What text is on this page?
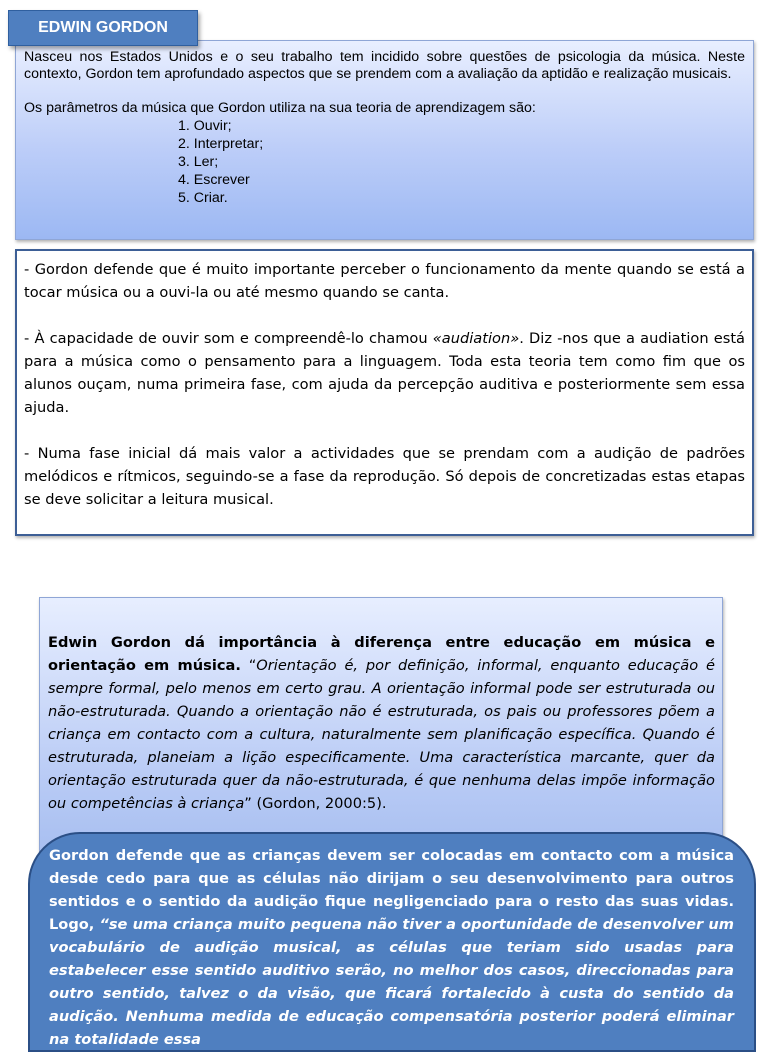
EDWIN GORDON

Nasceu nos Estados Unidos e o seu trabalho tem incidido sobre questões de psicologia da música. Neste contexto, Gordon tem aprofundado aspectos que se prendem com a avaliação da aptidão e realização musicais.

Os parâmetros da música que Gordon utiliza na sua teoria de aprendizagem são:

1. Ouvir;
2. Interpretar;
3. Ler;
4. Escrever
5. Criar.

- Gordon defende que é muito importante perceber o funcionamento da mente quando se está a tocar música ou a ouvi-la ou até mesmo quando se canta.

- À capacidade de ouvir som e compreendê-lo chamou «audiation». Diz -nos que a audiation está para a música como o pensamento para a linguagem. Toda esta teoria tem como fim que os alunos ouçam, numa primeira fase, com ajuda da percepção auditiva e posteriormente sem essa ajuda.

- Numa fase inicial dá mais valor a actividades que se prendam com a audição de padrões melódicos e rítmicos, seguindo-se a fase da reprodução. Só depois de concretizadas estas etapas se deve solicitar a leitura musical.

Edwin Gordon dá importância à diferença entre educação em música e orientação em música. “Orientação é, por definição, informal, enquanto educação é sempre formal, pelo menos em certo grau. A orientação informal pode ser estruturada ou não-estruturada. Quando a orientação não é estruturada, os pais ou professores põem a criança em contacto com a cultura, naturalmente sem planificação específica. Quando é estruturada, planeiam a lição especificamente. Uma característica marcante, quer da orientação estruturada quer da não-estruturada, é que nenhuma delas impõe informação ou competências à criança” (Gordon, 2000:5).

Gordon defende que as crianças devem ser colocadas em contacto com a música desde cedo para que as células não dirijam o seu desenvolvimento para outros sentidos e o sentido da audição fique negligenciado para o resto das suas vidas. Logo, “se uma criança muito pequena não tiver a oportunidade de desenvolver um vocabulário de audição musical, as células que teriam sido usadas para estabelecer esse sentido auditivo serão, no melhor dos casos, direccionadas para outro sentido, talvez o da visão, que ficará fortalecido à custa do sentido da audição. Nenhuma medida de educação compensatória posterior poderá eliminar na totalidade essa
